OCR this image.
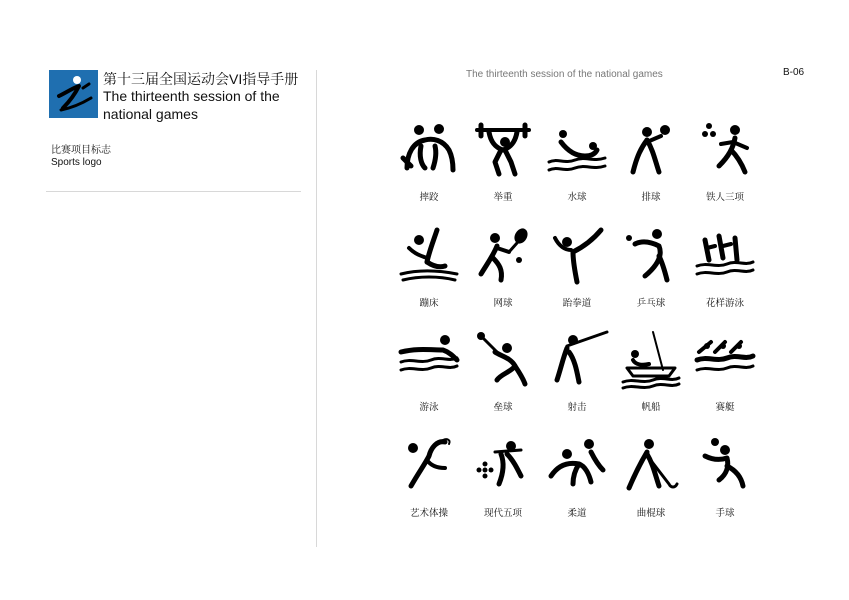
第十三届全国运动会VI指导手册
The thirteenth session of the national games
比赛项目标志
Sports logo
The thirteenth session of the national games	B-06
摔跤	举重	水球	排球	铁人三项
蹦床	网球	跆拳道	乒乓球	花样游泳
游泳	垒球	射击	帆船	赛艇
艺术体操	现代五项	柔道	曲棍球	手球
